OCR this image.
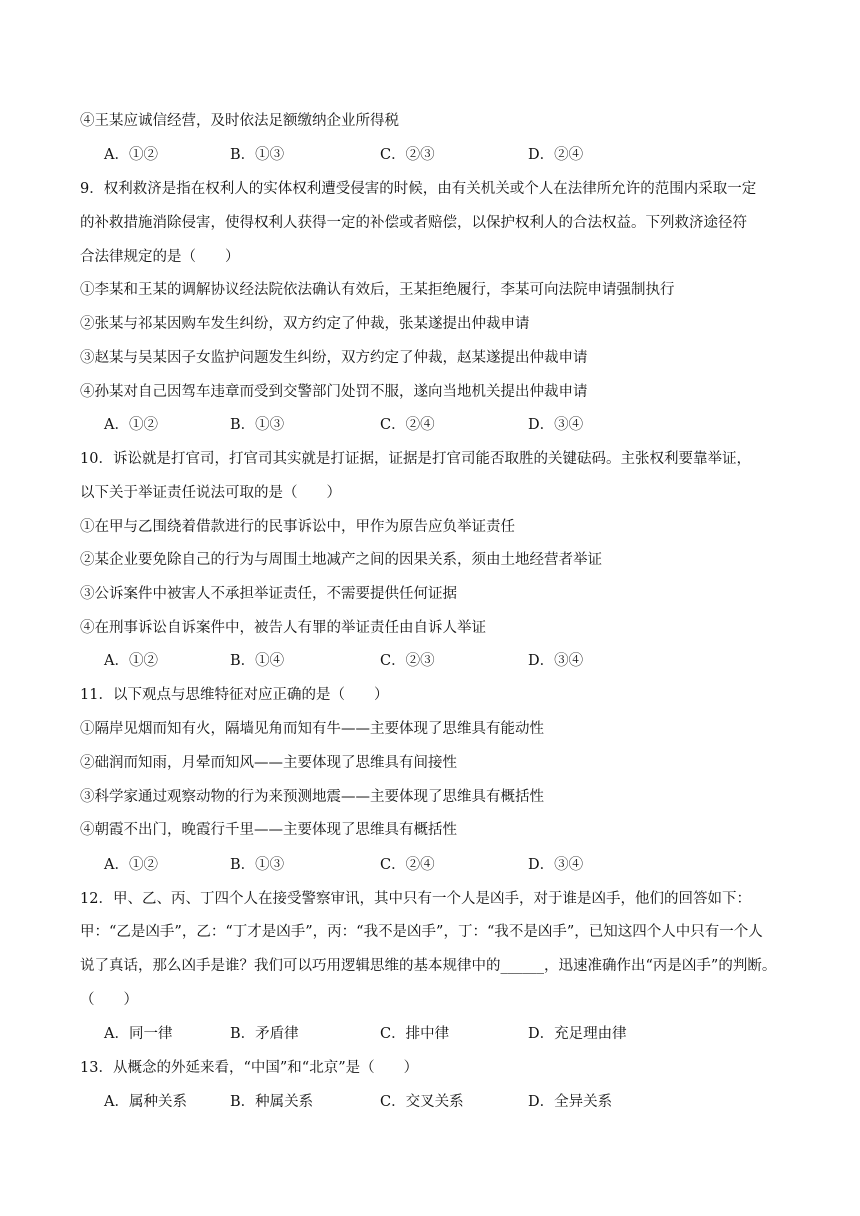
④王某应诚信经营，及时依法足额缴纳企业所得税
A．①②	B．①③	C．②③	D．②④
9．权利救济是指在权利人的实体权利遭受侵害的时候，由有关机关或个人在法律所允许的范围内采取一定
的补救措施消除侵害，使得权利人获得一定的补偿或者赔偿，以保护权利人的合法权益。下列救济途径符
合法律规定的是（　　）
①李某和王某的调解协议经法院依法确认有效后，王某拒绝履行，李某可向法院申请强制执行
②张某与祁某因购车发生纠纷，双方约定了仲裁，张某遂提出仲裁申请
③赵某与吴某因子女监护问题发生纠纷，双方约定了仲裁，赵某遂提出仲裁申请
④孙某对自己因驾车违章而受到交警部门处罚不服，遂向当地机关提出仲裁申请
A．①②	B．①③	C．②④	D．③④
10．诉讼就是打官司，打官司其实就是打证据，证据是打官司能否取胜的关键砝码。主张权利要靠举证，
以下关于举证责任说法可取的是（　　）
①在甲与乙围绕着借款进行的民事诉讼中，甲作为原告应负举证责任
②某企业要免除自己的行为与周围土地减产之间的因果关系，须由土地经营者举证
③公诉案件中被害人不承担举证责任，不需要提供任何证据
④在刑事诉讼自诉案件中，被告人有罪的举证责任由自诉人举证
A．①②	B．①④	C．②③	D．③④
11．以下观点与思维特征对应正确的是（　　）
①隔岸见烟而知有火，隔墙见角而知有牛——主要体现了思维具有能动性
②础润而知雨，月晕而知风——主要体现了思维具有间接性
③科学家通过观察动物的行为来预测地震——主要体现了思维具有概括性
④朝霞不出门，晚霞行千里——主要体现了思维具有概括性
A．①②	B．①③	C．②④	D．③④
12．甲、乙、丙、丁四个人在接受警察审讯，其中只有一个人是凶手，对于谁是凶手，他们的回答如下：
甲：“乙是凶手”，乙：“丁才是凶手”，丙：“我不是凶手”，丁：“我不是凶手”，已知这四个人中只有一个人
说了真话，那么凶手是谁？我们可以巧用逻辑思维的基本规律中的______，迅速准确作出“丙是凶手”的判断。
（　　）
A．同一律	B．矛盾律	C．排中律	D．充足理由律
13．从概念的外延来看，“中国”和“北京”是（　　）
A．属种关系	B．种属关系	C．交叉关系	D．全异关系
